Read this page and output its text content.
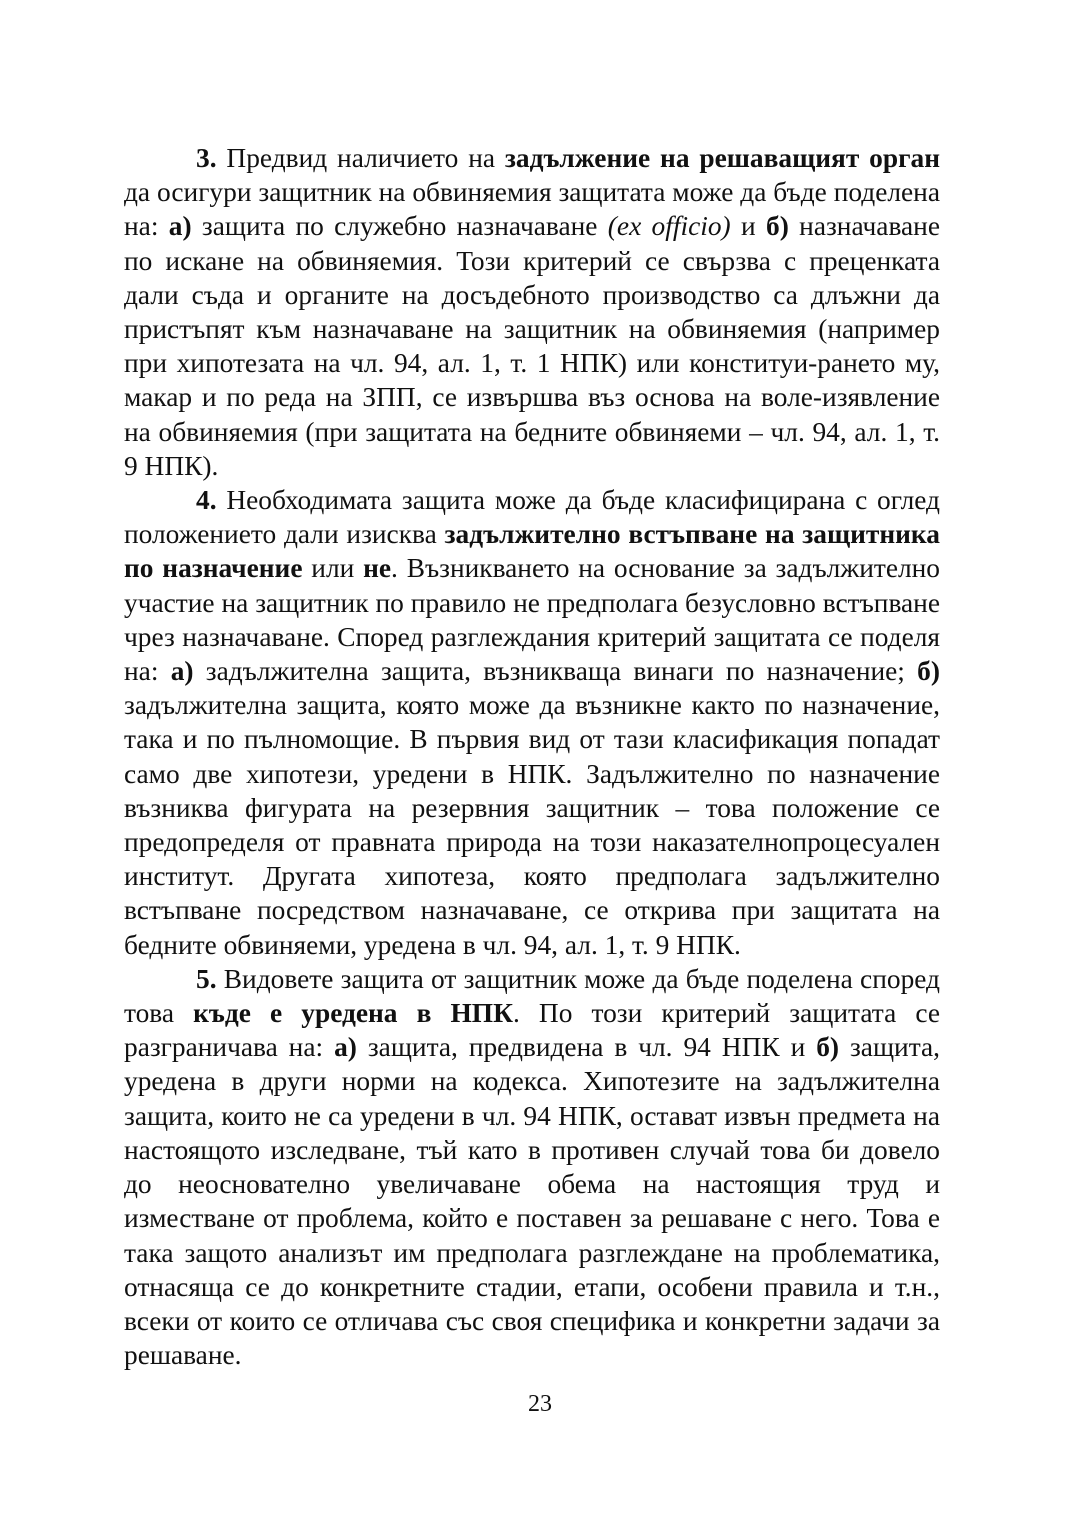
3. Предвид наличието на задължение на решаващият орган да осигури защитник на обвиняемия защитата може да бъде поделена на: а) защита по служебно назначаване (ex officio) и б) назначаване по искане на обвиняемия. Този критерий се свързва с преценката дали съда и органите на досъдебното производство са длъжни да пристъпят към назначаване на защитник на обвиняемия (например при хипотезата на чл. 94, ал. 1, т. 1 НПК) или конституи-рането му, макар и по реда на ЗПП, се извършва въз основа на воле-изявление на обвиняемия (при защитата на бедните обвиняеми – чл. 94, ал. 1, т. 9 НПК).

4. Необходимата защита може да бъде класифицирана с оглед положението дали изисква задължително встъпване на защитника по назначение или не. Възникването на основание за задължително участие на защитник по правило не предполага безусловно встъпване чрез назначаване. Според разглеждания критерий защитата се поделя на: а) задължителна защита, възникваща винаги по назначение; б) задължителна защита, която може да възникне както по назначение, така и по пълномощие. В първия вид от тази класификация попадат само две хипотези, уредени в НПК. Задължително по назначение възниква фигурата на резервния защитник – това положение се предопределя от правната природа на този наказателнопроцесуален институт. Другата хипотеза, която предполага задължително встъпване посредством назначаване, се открива при защитата на бедните обвиняеми, уредена в чл. 94, ал. 1, т. 9 НПК.

5. Видовете защита от защитник може да бъде поделена според това къде е уредена в НПК. По този критерий защитата се разграничава на: а) защита, предвидена в чл. 94 НПК и б) защита, уредена в други норми на кодекса. Хипотезите на задължителна защита, които не са уредени в чл. 94 НПК, остават извън предмета на настоящото изследване, тъй като в противен случай това би довело до неоснователно увеличаване обема на настоящия труд и изместване от проблема, който е поставен за решаване с него. Това е така защото анализът им предполага разглеждане на проблематика, отнасяща се до конкретните стадии, етапи, особени правила и т.н., всеки от които се отличава със своя специфика и конкретни задачи за решаване.

23
